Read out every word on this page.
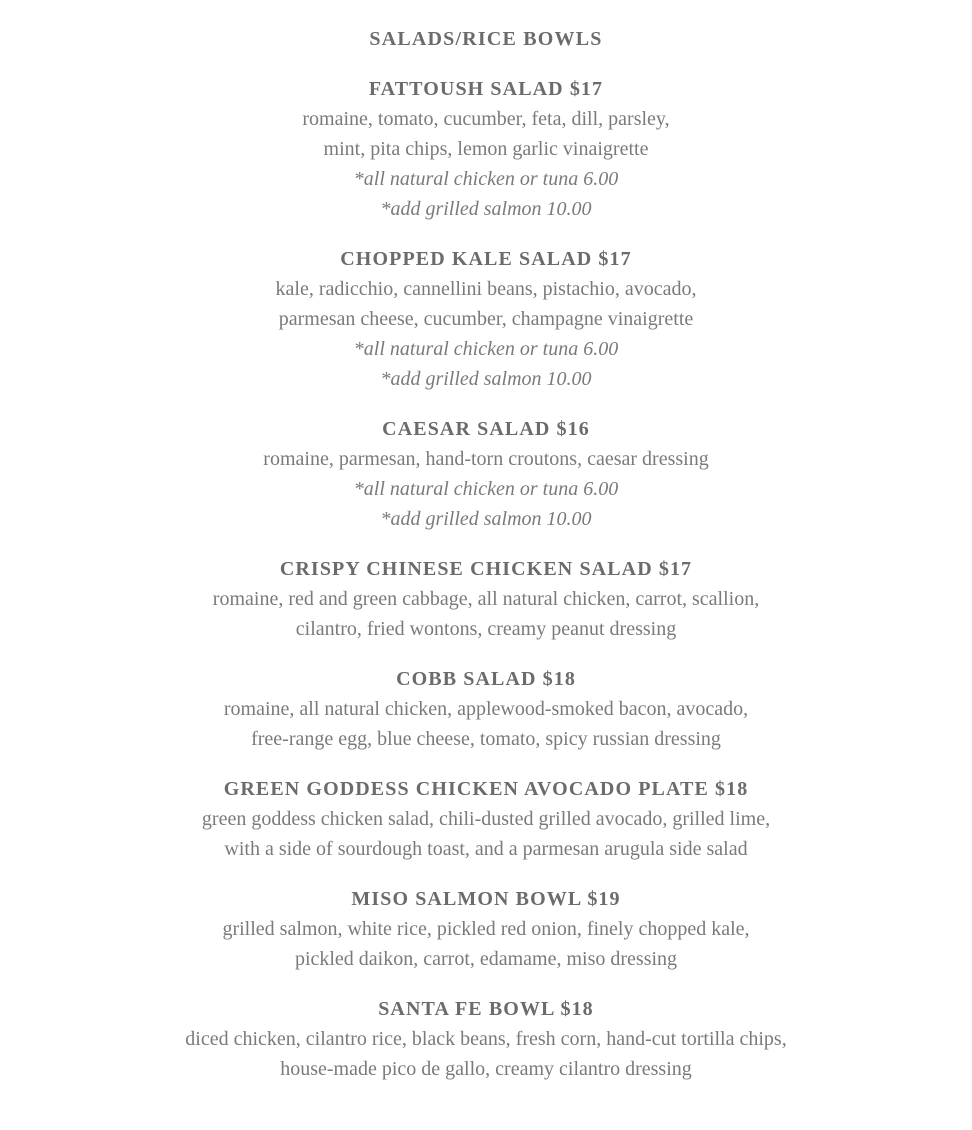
SALADS/RICE BOWLS
FATTOUSH SALAD $17
romaine, tomato, cucumber, feta, dill, parsley,
mint, pita chips, lemon garlic vinaigrette
*all natural chicken or tuna 6.00
*add grilled salmon 10.00
CHOPPED KALE SALAD $17
kale, radicchio, cannellini beans, pistachio, avocado,
parmesan cheese, cucumber, champagne vinaigrette
*all natural chicken or tuna 6.00
*add grilled salmon 10.00
CAESAR SALAD $16
romaine, parmesan, hand-torn croutons, caesar dressing
*all natural chicken or tuna 6.00
*add grilled salmon 10.00
CRISPY CHINESE CHICKEN SALAD $17
romaine, red and green cabbage, all natural chicken, carrot, scallion,
cilantro, fried wontons, creamy peanut dressing
COBB SALAD $18
romaine, all natural chicken, applewood-smoked bacon, avocado,
free-range egg, blue cheese, tomato, spicy russian dressing
GREEN GODDESS CHICKEN AVOCADO PLATE $18
green goddess chicken salad, chili-dusted grilled avocado, grilled lime,
with a side of sourdough toast, and a parmesan arugula side salad
MISO SALMON BOWL $19
grilled salmon, white rice, pickled red onion, finely chopped kale,
pickled daikon, carrot, edamame, miso dressing
SANTA FE BOWL $18
diced chicken, cilantro rice, black beans, fresh corn, hand-cut tortilla chips,
house-made pico de gallo, creamy cilantro dressing
